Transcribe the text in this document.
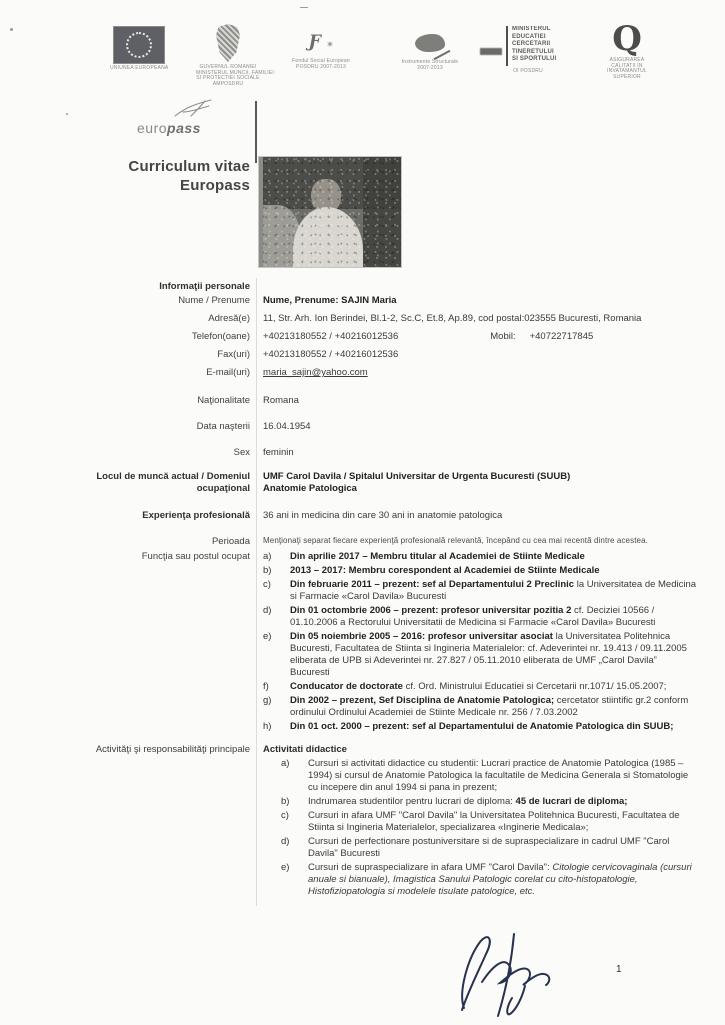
UNIUNEA EUROPEANA	GUVERNUL ROMANIEI
MINISTERUL MUNCII, FAMILIEI
SI PROTECTIEI SOCIALE
AMPOSDRU
Ƒ ✶
Fondul Social European
POSDRU 2007-2013
Instrumente Structurale
2007-2013
MINISTERUL
EDUCATIEI
CERCETARII
TINERETULUI
SI SPORTULUI
OI POSDRU
Q
ASIGURAREA
CALITATII IN
INVATAMANTUL
SUPERIOR
europass
Curriculum vitae
Europass
Informaţii personale
Nume / Prenume Nume, Prenume: SAJIN Maria
Adresă(e) 11, Str. Arh. Ion Berindei, Bl.1-2, Sc.C, Et.8, Ap.89, cod postal:023555 Bucuresti, Romania
Telefon(oane) +40213180552 / +40216012536	Mobil: +40722717845
Fax(uri) +40213180552 / +40216012536
E-mail(uri) maria_sajin@yahoo.com
Naţionalitate Romana
Data naşterii 16.04.1954
Sex feminin
Locul de muncă actual / Domeniul
ocupaţional
UMF Carol Davila / Spitalul Universitar de Urgenta Bucuresti (SUUB)
Anatomie Patologica
Experienţa profesională 36 ani in medicina din care 30 ani in anatomie patologica
Perioada Menţionaţi separat fiecare experienţă profesională relevantă, începând cu cea mai recentă dintre acestea.
Funcţia sau postul ocupat a)	Din aprilie 2017 – Membru titular al Academiei de Stiinte Medicale
b)	2013 – 2017: Membru corespondent al Academiei de Stiinte Medicale
c)	Din februarie 2011 – prezent: sef al Departamentului 2 Preclinic la Universitatea de Medicina si Farmacie «Carol Davila» Bucuresti
d)	Din 01 octombrie 2006 – prezent: profesor universitar pozitia 2 cf. Deciziei 10566 / 01.10.2006 a Rectorului Universitatii de Medicina si Farmacie «Carol Davila» Bucuresti
e)	Din 05 noiembrie 2005 – 2016: profesor universitar asociat la Universitatea Politehnica Bucuresti, Facultatea de Stiinta si Ingineria Materialelor: cf. Adeverintei nr. 19.413 / 09.11.2005 eliberata de UPB si Adeverintei nr. 27.827 / 05.11.2010 eliberata de UMF „Carol Davila” Bucuresti
f)	Conducator de doctorate cf. Ord. Ministrului Educatiei si Cercetarii nr.1071/ 15.05.2007;
g)	Din 2002 – prezent, Sef Disciplina de Anatomie Patologica; cercetator stiintific gr.2 conform ordinului Ordinului Academiei de Stiinte Medicale nr. 256 / 7.03.2002
h)	Din 01 oct. 2000 – prezent: sef al Departamentului de Anatomie Patologica din SUUB;
Activităţi şi responsabilităţi principale Activitati didactice
a)	Cursuri si activitati didactice cu studentii: Lucrari practice de Anatomie Patologica (1985 – 1994) si cursul de Anatomie Patologica la facultatile de Medicina Generala si Stomatologie cu incepere din anul 1994 si pana in prezent;
b)	Indrumarea studentilor pentru lucrari de diploma: 45 de lucrari de diploma;
c)	Cursuri in afara UMF "Carol Davila" la Universitatea Politehnica Bucuresti, Facultatea de Stiinta si Ingineria Materialelor, specializarea «Inginerie Medicala»;
d)	Cursuri de perfectionare postuniversitare si de supraspecializare in cadrul UMF "Carol Davila" Bucuresti
e)	Cursuri de supraspecializare in afara UMF "Carol Davila": Citologie cervicovaginala (cursuri anuale si bianuale), Imagistica Sanului Patologic corelat cu cito-histopatologie, Histofiziopatologia si modelele tisulate patologice, etc.
1
